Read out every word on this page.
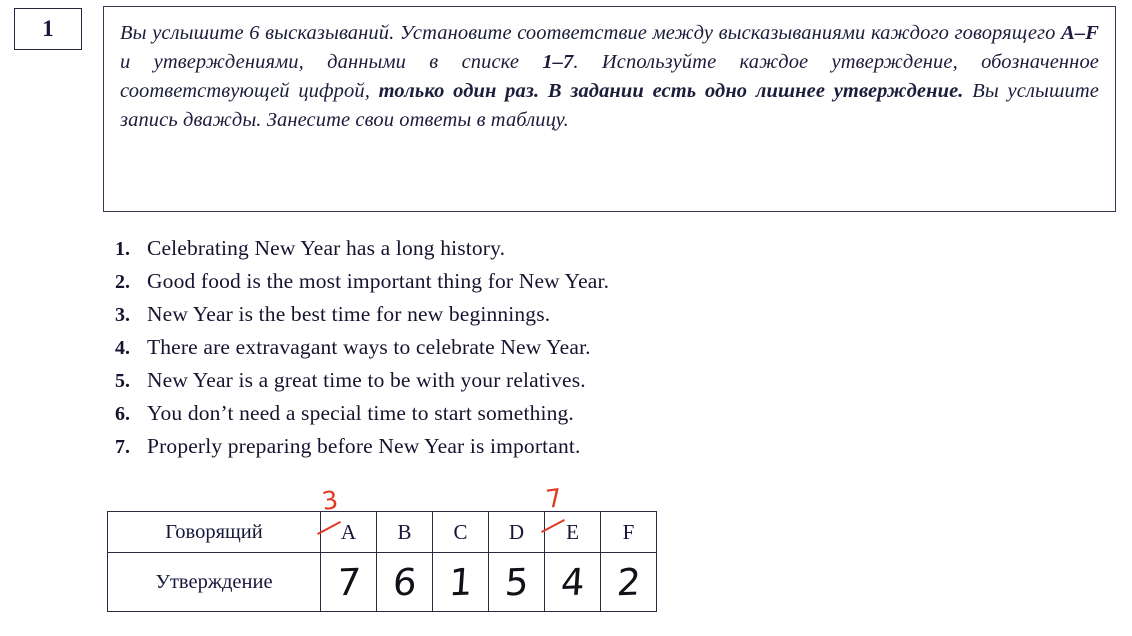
1	Вы услышите 6 высказываний. Установите соответствие между высказываниями каждого говорящего A–F и утверждениями, данными в списке 1–7. Используйте каждое утверждение, обозначенное соответствующей цифрой, только один раз. В задании есть одно лишнее утверждение. Вы услышите запись дважды. Занесите свои ответы в таблицу.

1. Celebrating New Year has a long history.
2. Good food is the most important thing for New Year.
3. New Year is the best time for new beginnings.
4. There are extravagant ways to celebrate New Year.
5. New Year is a great time to be with your relatives.
6. You don’t need a special time to start something.
7. Properly preparing before New Year is important.
Говорящий	A	B	C	D	E	F
Утверждение	7	6	1	5	4	2
3	7
